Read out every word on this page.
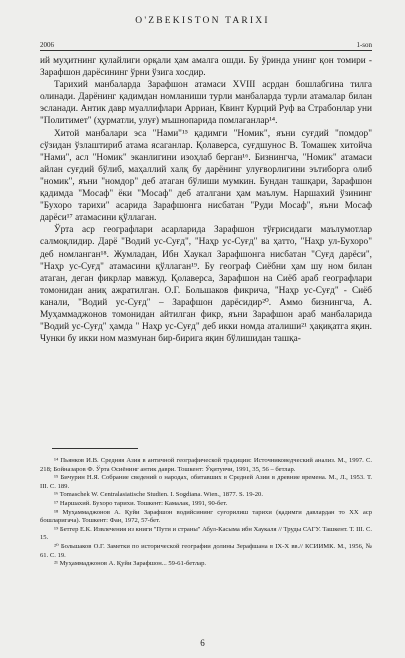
O'ZBEKISTON TARIXI
2006	1-son

ий муҳитнинг қулайлиги орқали ҳам амалга ошди. Бу ўринда унинг қон томири - Зарафшон дарёсининг ўрни ўзига хосдир.

Тарихий манбаларда Зарафшон атамаси XVIII асрдан бошлабгина тилга олинади. Дарёнинг қадимдан номланиши турли манбаларда турли атамалар билан эсланади. Антик давр муаллифлари Арриан, Квинт Курций Руф ва Страбонлар уни "Политимет" (ҳурматли, улуғ) мъшнопарида помлаганлар¹⁴.

Хитой манбалари эса "Нами"¹⁵ қадимги "Номик", яъни суғдий "помдор" сўзидан ўзлаштириб атама ясаганлар. Қолаверса, суғдшунос В. Томашек хитойча "Нами", асл "Номик" эканлигини изоҳлаб берган¹⁶. Бизнингча, "Номик" атамаси айлан суғдий бўлиб, маҳаллий халқ бу дарёнинг улуғворлигини эътиборга олиб "номик", яъни "номдор" деб атаган бўлиши мумкин. Бундан ташқари, Зарафшон қадимда "Мосаф" ёки "Мосаф" деб аталгани ҳам маълум. Наршахий ўзининг "Бухоро тарихи" асарида Зарафшонга нисбатан "Руди Мосаф", яъни Мосаф дарёси¹⁷ атамасини қўллаган.

Ўрта аср географлари асарларида Зарафшон тўғрисидаги маълумотлар салмоқлидир. Дарё "Водий ус-Суғд", "Наҳр ус-Суғд" ва ҳатто, "Наҳр ул-Бухоро" деб номланган¹⁸. Жумладан, Ибн Хаукал Зарафшонга нисбатан "Суғд дарёси", "Наҳр ус-Суғд" атамасини қўллаган¹⁹. Бу географ Сиёбни ҳам шу ном билан атаган, деган фикрлар мавжуд. Қолаверса, Зарафшон на Сиёб араб географлари томонидан аниқ ажратилган. О.Г. Большаков фикрича, "Наҳр ус-Суғд" - Сиёб канали, "Водий ус-Суғд" – Зарафшон дарёсидир²⁰. Аммо бизнингча, А. Муҳаммаджонов томонидан айтилган фикр, яъни Зарафшон араб манбаларида "Водий ус-Суғд" ҳамда " Наҳр ус-Суғд" деб икки номда аталиши²¹ ҳақиқатга яқин. Чунки бу икки ном мазмунан бир-бирига яқин бўлишидан ташқа-

¹⁴ Пьянков И.В. Средняя Азия в античной географической традиции: Источниковедческий анализ. М., 1997. С. 218; Бойназаров Ф. Ўрта Осиёнинг антик даври. Тошкент: Ўқитувчи, 1991, 35, 56 – бетлар.

¹⁵ Бичурин Н.Я. Собрание сведений о народах, обитавших в Средней Азии в древние времена. М., Л., 1953. Т. III. С. 189.

¹⁶ Tomaschek W. Centralasiatische Studien. I. Sogdiana. Wien., 1877. S. 19-20.

¹⁷ Наршахий. Бухоро тарихи. Тошкент: Камалак, 1991, 90-бет.

¹⁸ Муҳаммаджонов А. Қуйи Зарафшон водийсининг суғорилиш тарихи (қадимги давлардан то ХХ аср бошларигача). Тошкент: Фан, 1972, 57-бет.

¹⁹ Бетгер Е.К. Извлечения из книги "Пути и страны" Абул-Касыма ибн Хаукаля // Труды САГУ. Ташкент. Т. III. С. 15.

²⁰ Большаков О.Г. Заметки по исторической географии долины Зерафшана в IX-X вв.// КСИИМК. М., 1956, № 61. С. 19.

²¹ Муҳаммаджонов А. Қуйи Зарафшон... 59-61-бетлар.

6
